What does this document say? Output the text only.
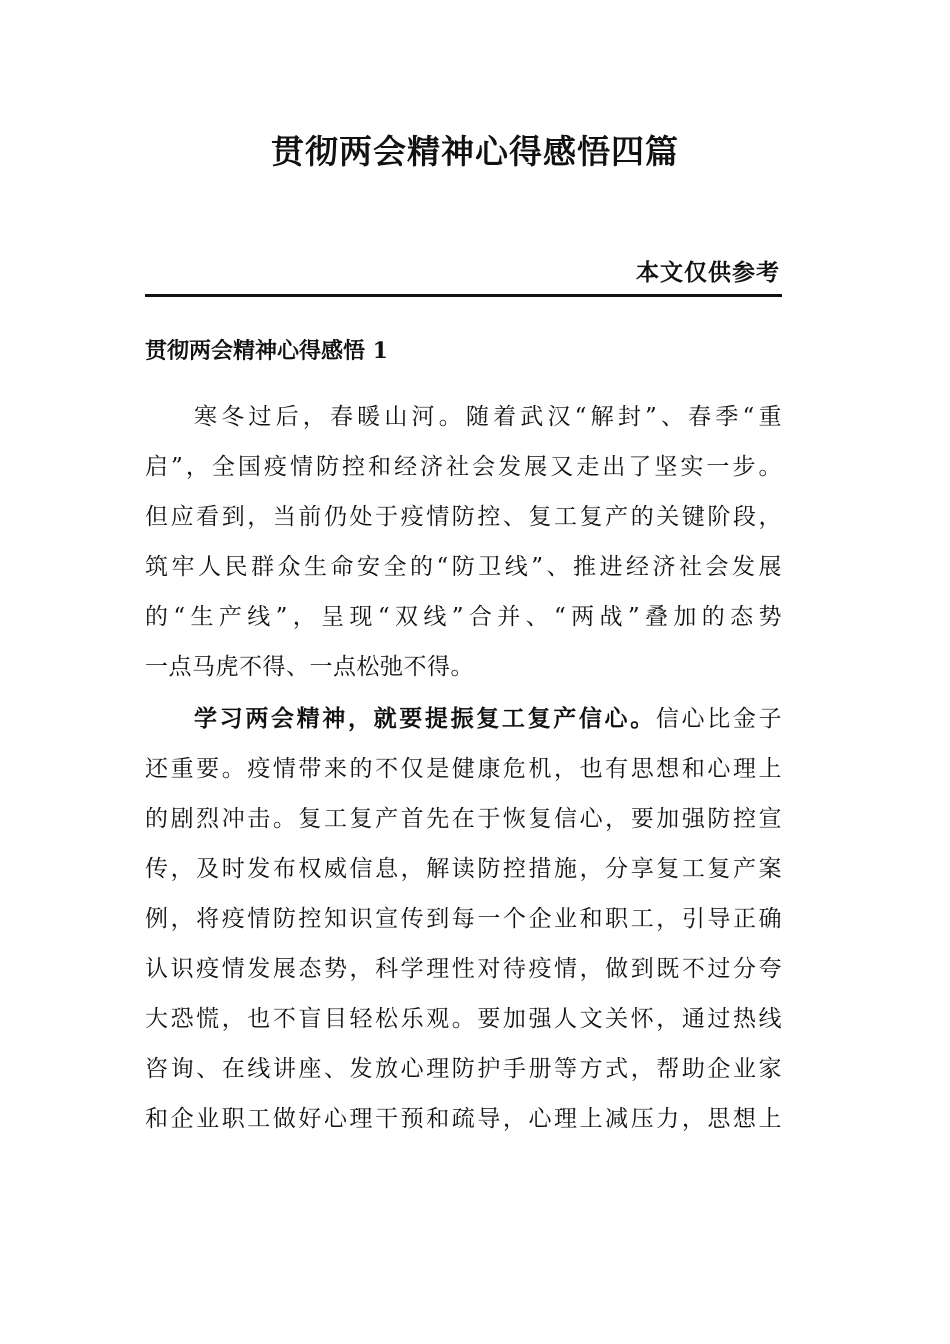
贯彻两会精神心得感悟四篇

本文仅供参考

贯彻两会精神心得感悟 1
寒冬过后，春暖山河。随着武汉“解封”、春季“重
启”，全国疫情防控和经济社会发展又走出了坚实一步。
但应看到，当前仍处于疫情防控、复工复产的关键阶段，
筑牢人民群众生命安全的“防卫线”、推进经济社会发展
的“生产线”，呈现“双线”合并、“两战”叠加的态势
一点马虎不得、一点松弛不得。
学习两会精神，就要提振复工复产信心。信心比金子
还重要。疫情带来的不仅是健康危机，也有思想和心理上
的剧烈冲击。复工复产首先在于恢复信心，要加强防控宣
传，及时发布权威信息，解读防控措施，分享复工复产案
例，将疫情防控知识宣传到每一个企业和职工，引导正确
认识疫情发展态势，科学理性对待疫情，做到既不过分夸
大恐慌，也不盲目轻松乐观。要加强人文关怀，通过热线
咨询、在线讲座、发放心理防护手册等方式，帮助企业家
和企业职工做好心理干预和疏导，心理上减压力，思想上
